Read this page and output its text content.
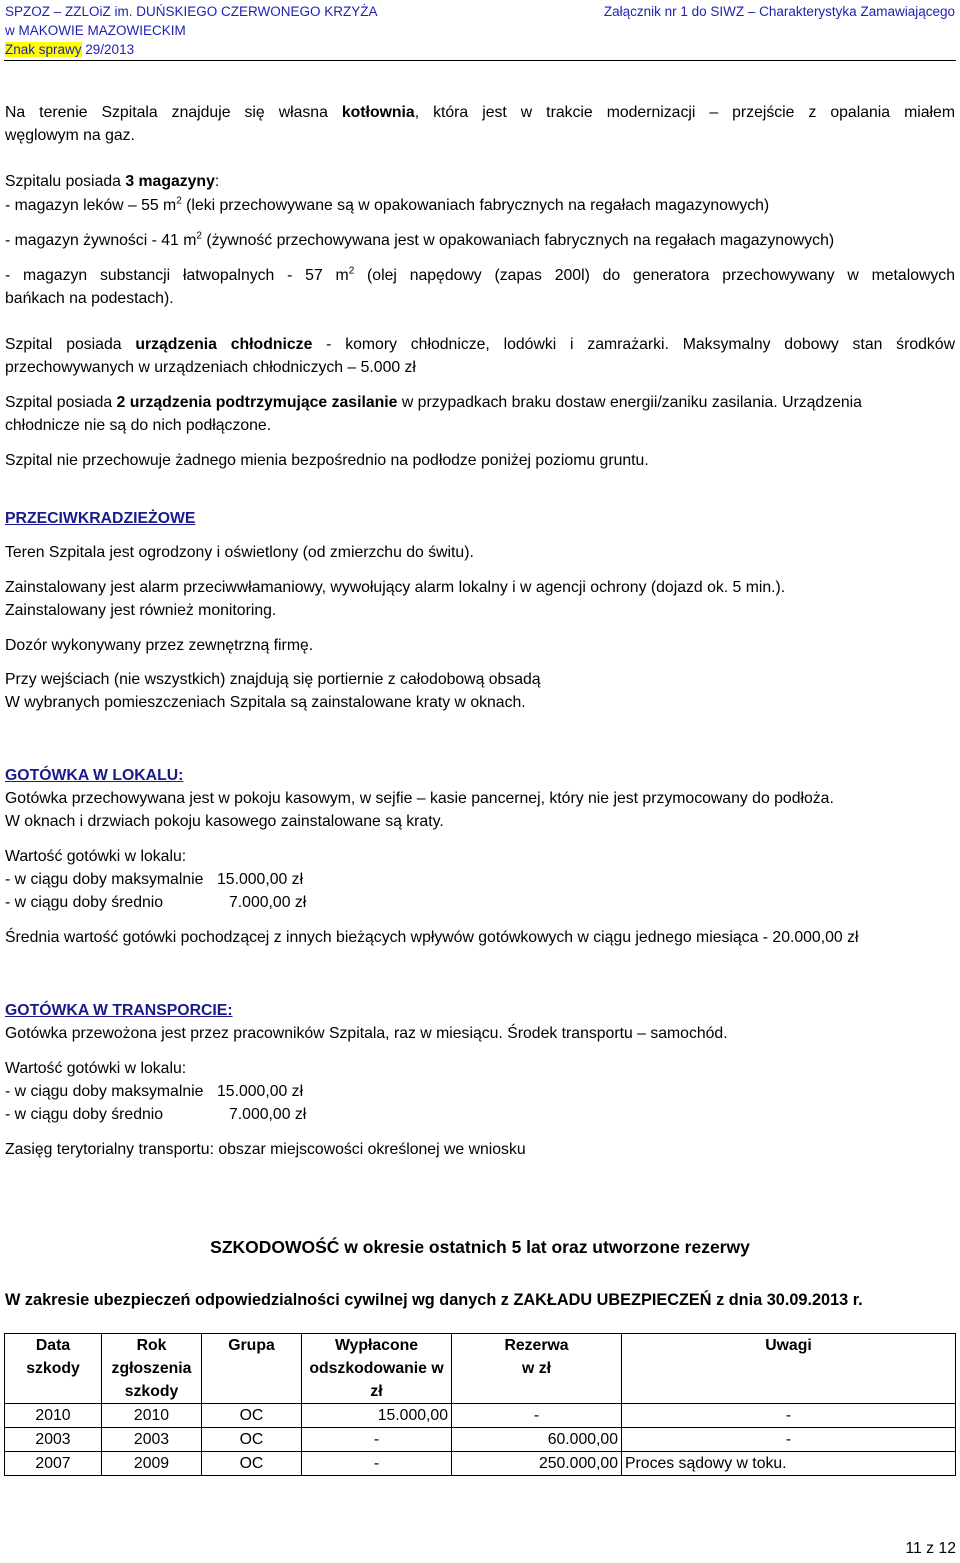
SPZOZ – ZZLOiZ im. DUŃSKIEGO CZERWONEGO KRZYŻA	Załącznik nr 1 do SIWZ – Charakterystyka Zamawiającego
w MAKOWIE MAZOWIECKIM
Znak sprawy 29/2013
Na terenie Szpitala znajduje się własna kotłownia, która jest w trakcie modernizacji – przejście z opalania miałem
węglowym na gaz.
Szpitalu posiada 3 magazyny:
- magazyn leków – 55 $m^2$ (leki przechowywane są w opakowaniach fabrycznych na regałach magazynowych)
- magazyn żywności - 41 $m^2$ (żywność przechowywana jest w opakowaniach fabrycznych na regałach magazynowych)
- magazyn substancji łatwopalnych - 57 $m^2$ (olej napędowy (zapas 200l) do generatora przechowywany w metalowych
bańkach na podestach).
Szpital posiada urządzenia chłodnicze - komory chłodnicze, lodówki i zamrażarki. Maksymalny dobowy stan środków
przechowywanych w urządzeniach chłodniczych – 5.000 zł
Szpital posiada 2 urządzenia podtrzymujące zasilanie w przypadkach braku dostaw energii/zaniku zasilania. Urządzenia
chłodnicze nie są do nich podłączone.
Szpital nie przechowuje żadnego mienia bezpośrednio na podłodze poniżej poziomu gruntu.
PRZECIWKRADZIEŻOWE
Teren Szpitala jest ogrodzony i oświetlony (od zmierzchu do świtu).
Zainstalowany jest alarm przeciwwłamaniowy, wywołujący alarm lokalny i w agencji ochrony (dojazd ok. 5 min.).
Zainstalowany jest również monitoring.
Dozór wykonywany przez zewnętrzną firmę.
Przy wejściach (nie wszystkich) znajdują się portiernie z całodobową obsadą
W wybranych pomieszczeniach Szpitala są zainstalowane kraty w oknach.
GOTÓWKA W LOKALU:
Gotówka przechowywana jest w pokoju kasowym, w sejfie – kasie pancernej, który nie jest przymocowany do podłoża.
W oknach i drzwiach pokoju kasowego zainstalowane są kraty.
Wartość gotówki w lokalu:
- w ciągu doby maksymalnie 15.000,00 zł
- w ciągu doby średnio	7.000,00 zł
Średnia wartość gotówki pochodzącej z innych bieżących wpływów gotówkowych w ciągu jednego miesiąca - 20.000,00 zł
GOTÓWKA W TRANSPORCIE:
Gotówka przewożona jest przez pracowników Szpitala, raz w miesiącu. Środek transportu – samochód.
Wartość gotówki w lokalu:
- w ciągu doby maksymalnie 15.000,00 zł
- w ciągu doby średnio	7.000,00 zł
Zasięg terytorialny transportu: obszar miejscowości określonej we wniosku
SZKODOWOŚĆ w okresie ostatnich 5 lat oraz utworzone rezerwy
W zakresie ubezpieczeń odpowiedzialności cywilnej wg danych z ZAKŁADU UBEZPIECZEŃ z dnia 30.09.2013 r.
Data
szkody	Rok
zgłoszenia
szkody	Grupa	Wypłacone
odszkodowanie w
zł	Rezerwa
w zł	Uwagi
2010	2010	OC	15.000,00	-	-
2003	2003	OC	-	60.000,00	-
2007	2009	OC	-	250.000,00	Proces sądowy w toku.
11 z 12
